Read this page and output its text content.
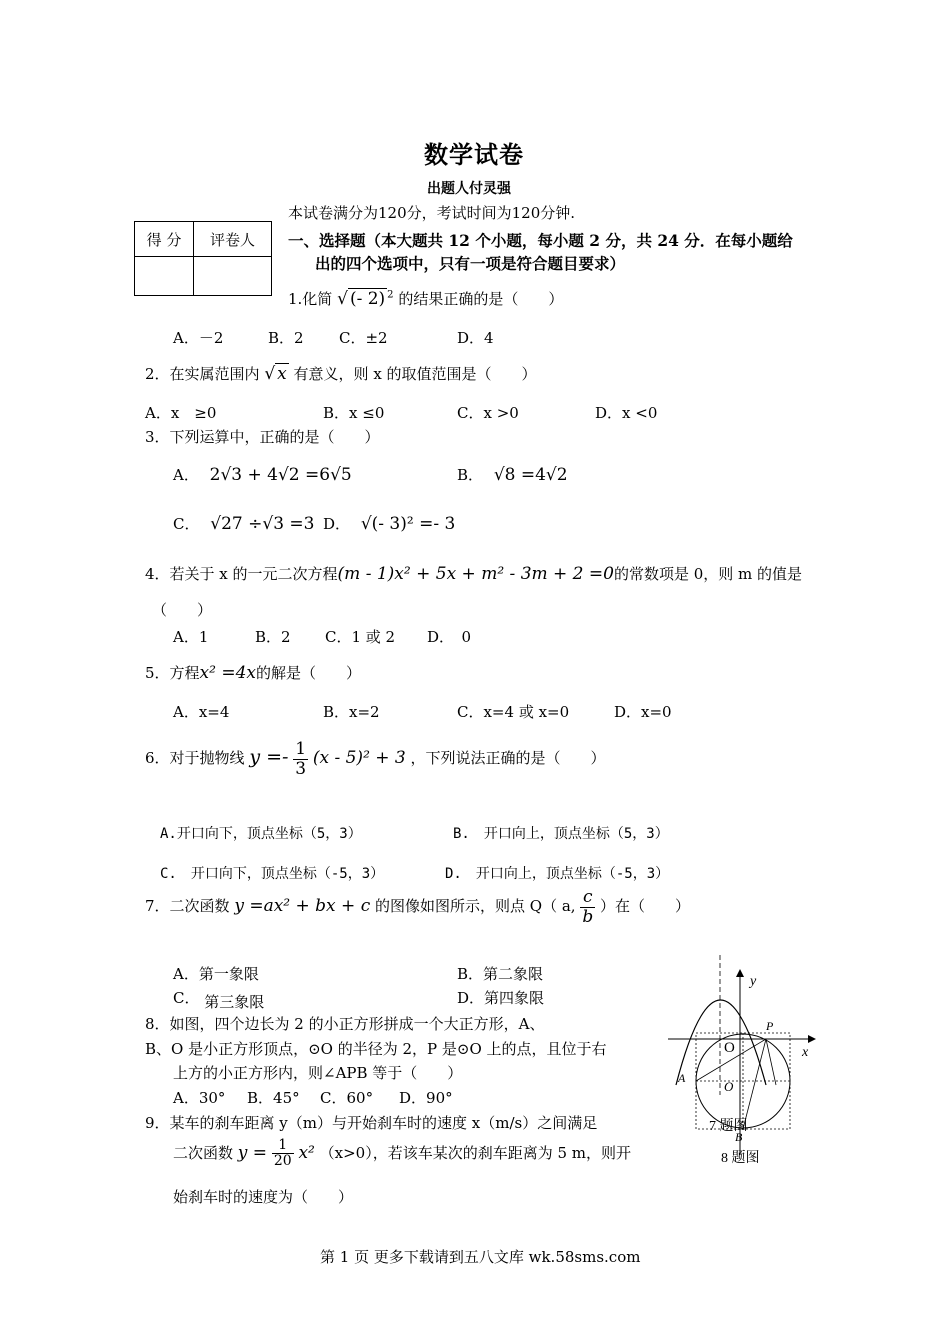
数学试卷
出题人付灵强
本试卷满分为120分，考试时间为120分钟.
得 分	评卷人
	一、选择题（本大题共 12 个小题，每小题 2 分，共 24 分．在每小题给
出的四个选项中，只有一项是符合题目要求）
1.化简 √ (- 2) $^2$ 的结果正确的是（　　）
A．－2	B．2 C．±2	D．4
2．在实属范围内 √ x 有意义，则 x 的取值范围是（　　）
A．x　≥0	B．x ≤0	C．x >0	D．x <0
3．下列运算中，正确的是（　　）
A． 2√3 + 4√2 =6√5	B． √8 =4√2
C． √27 ÷√3 =3 D． √(- 3)² =- 3
4．若关于 x 的一元二次方程(m - 1)x² + 5x + m² - 3m + 2 =0的常数项是 0，则 m 的值是
（　　）
A．1	B．2 C．1 或 2 D．　0
5．方程x² =4x的解是（　　）
A．x=4	B．x=2	C．x=4 或 x=0	D．x=0
6．对于抛物线 $y =- \frac{1}{3} (x - 5)^2 + 3$ ，下列说法正确的是（　　）
A.开口向下，顶点坐标（5，3）	B.　开口向上，顶点坐标（5，3）
C.　开口向下，顶点坐标（-5，3）	D.　开口向上，顶点坐标（-5，3）
7．二次函数 y =ax² + bx + c 的图像如图所示，则点 Q（ a, $\frac{c}{b}$ ）在（　　）
A．第一象限	B．第二象限
C． 第三象限	D．第四象限
8．如图，四个边长为 2 的小正方形拼成一个大正方形，A、
B、O 是小正方形顶点，⊙O 的半径为 2，P 是⊙O 上的点，且位于右
上方的小正方形内，则∠APB 等于（　　）
A．30° B．45° C．60° D．90°
9．某车的刹车距离 y（m）与开始刹车时的速度 x（m/s）之间满足
二次函数 $y = \frac{1}{20} x^2$ （x>0），若该车某次的刹车距离为 5 m，则开
始刹车时的速度为（　　）
y
x
O
O
P
A
B
7 题图
8 题图
第 1 页 更多下载请到五八文库 wk.58sms.com
